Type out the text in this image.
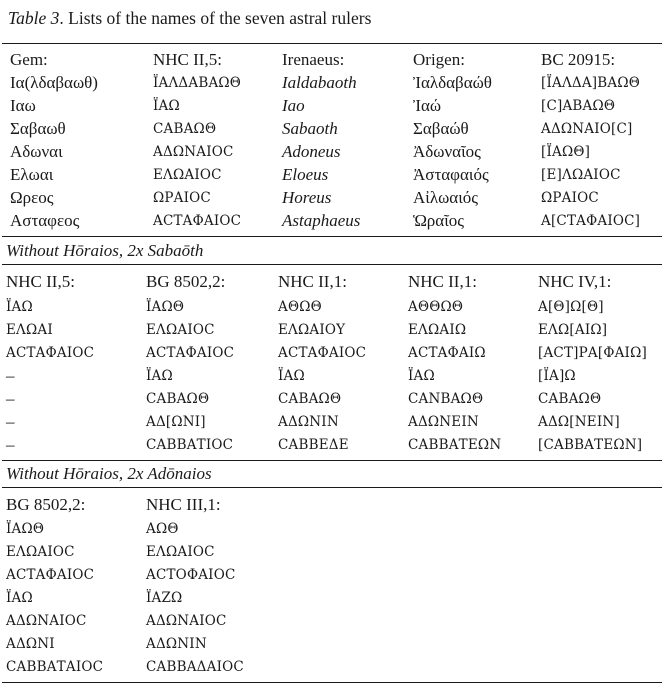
Table 3. Lists of the names of the seven astral rulers
Gem:	NHC II,5:	Irenaeus:	Origen:	BC 20915:
Ια(λδαβαωθ)	ΪΑΛΔΑΒΑΩΘ Ialdabaoth	Ἰαλδαβαώθ	[ΪΑΛΔΑ]ΒΑΩΘ
Ιαω	ΪΑΩ	Iao	Ἰαώ	[Ϲ]ΑΒΑΩΘ
Σαβαωθ	ϹΑΒΑΩΘ	Sabaoth	Σαβαώθ	ΑΔΩΝΑΙΟ[Ϲ]
Αδωναι	ΑΔΩΝΑΙΟϹ	Adoneus	Ἀδωναῖος	[ΪΑΩΘ]
Ελωαι	ΕΛΩΑΙΟϹ	Eloeus	Ἀσταφαιός	[Ε]ΛΩΑΙΟϹ
Ωρεος	ΩΡΑΙΟϹ	Horeus	Αἰλωαιός	ΩΡΑΙΟϹ
Ασταφεος	ΑϹΤΑΦΑΙΟϹ Astaphaeus	Ὡραῖος	Α[ϹΤΑΦΑΙΟϹ]
Without Hōraios, 2x Sabaōth
NHC II,5:	BG 8502,2:	NHC II,1:	NHC II,1:	NHC IV,1:
ΪΑΩ	ΪΑΩΘ	ΑΘΩΘ	ΑΘΘΩΘ	Α[Θ]Ω[Θ]
ΕΛΩΑΙ	ΕΛΩΑΙΟϹ	ΕΛΩΑΙΟΥ	ΕΛΩΑΙΩ	ΕΛΩ[ΑΙΩ]
ΑϹΤΑΦΑΙΟϹ	ΑϹΤΑΦΑΙΟϹ	ΑϹΤΑΦΑΙΟϹ	ΑϹΤΑΦΑΙΩ	[ΑϹΤ]ΡΑ[ΦΑΙΩ]
–	ΪΑΩ	ΪΑΩ	ΪΑΩ	[ΪΑ]Ω
–	ϹΑΒΑΩΘ	ϹΑΒΑΩΘ	ϹΑΝΒΑΩΘ	ϹΑΒΑΩΘ
–	ΑΔ[ΩΝΙ]	ΑΔΩΝΙΝ	ΑΔΩΝΕΙΝ	ΑΔΩ[ΝΕΙΝ]
–	ϹΑΒΒΑΤΙΟϹ	ϹΑΒΒΕΔΕ	ϹΑΒΒΑΤΕΩΝ	[ϹΑΒΒΑΤΕΩΝ]
Without Hōraios, 2x Adōnaios
BG 8502,2:	NHC III,1:
ΪΑΩΘ	ΑΩΘ
ΕΛΩΑΙΟϹ	ΕΛΩΑΙΟϹ
ΑϹΤΑΦΑΙΟϹ	ΑϹΤΟΦΑΙΟϹ
ΪΑΩ	ΪΑΖΩ
ΑΔΩΝΑΙΟϹ	ΑΔΩΝΑΙΟϹ
ΑΔΩΝΙ	ΑΔΩΝΙΝ
ϹΑΒΒΑΤΑΙΟϹ	ϹΑΒΒΑΔΑΙΟϹ
